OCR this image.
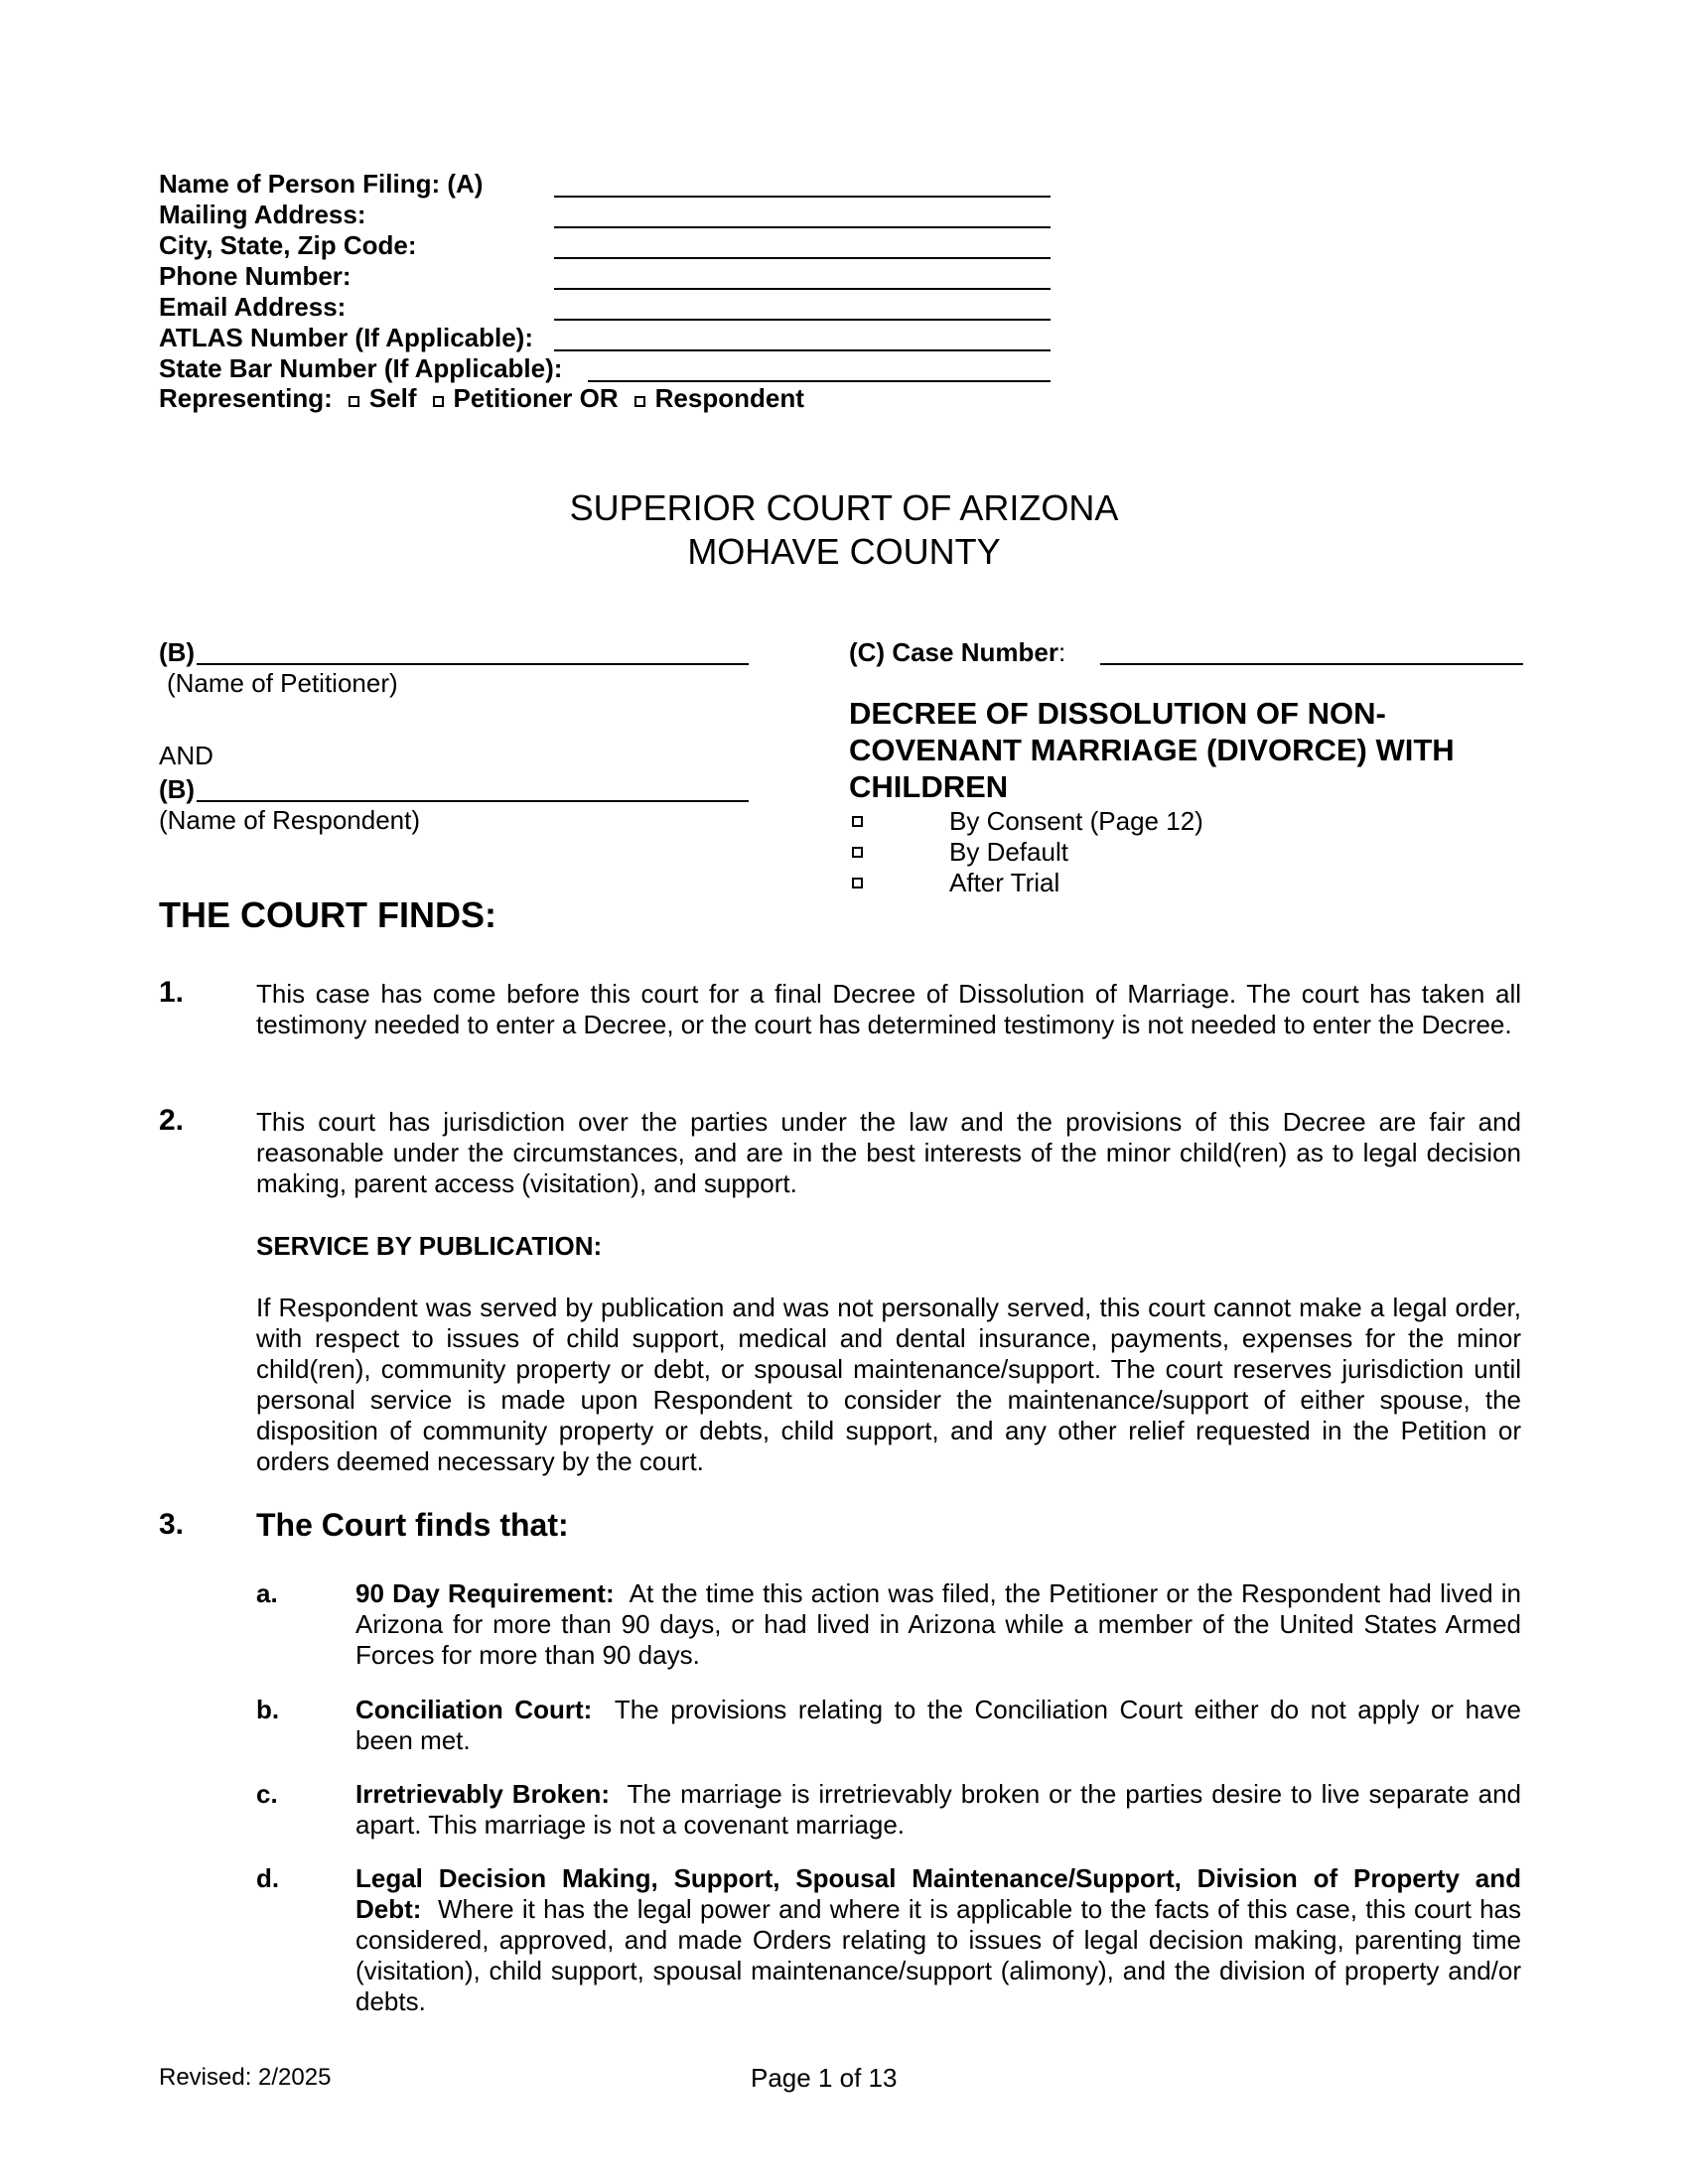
Name of Person Filing: (A)
Mailing Address:
City, State, Zip Code:
Phone Number:
Email Address:
ATLAS Number (If Applicable):
State Bar Number (If Applicable):
Representing: Self Petitioner OR Respondent
SUPERIOR COURT OF ARIZONA
MOHAVE COUNTY
(B)
(Name of Petitioner)
AND
(B)
(Name of Respondent)
(C) Case Number:
DECREE OF DISSOLUTION OF NON-COVENANT MARRIAGE (DIVORCE) WITH CHILDREN
By Consent (Page 12)
By Default
After Trial
THE COURT FINDS:
1.	This case has come before this court for a final Decree of Dissolution of Marriage. The court has taken all testimony needed to enter a Decree, or the court has determined testimony is not needed to enter the Decree.
2.	This court has jurisdiction over the parties under the law and the provisions of this Decree are fair and reasonable under the circumstances, and are in the best interests of the minor child(ren) as to legal decision making, parent access (visitation), and support.
SERVICE BY PUBLICATION:
If Respondent was served by publication and was not personally served, this court cannot make a legal order, with respect to issues of child support, medical and dental insurance, payments, expenses for the minor child(ren), community property or debt, or spousal maintenance/support. The court reserves jurisdiction until personal service is made upon Respondent to consider the maintenance/support of either spouse, the disposition of community property or debts, child support, and any other relief requested in the Petition or orders deemed necessary by the court.
3. The Court finds that:
a.	90 Day Requirement: At the time this action was filed, the Petitioner or the Respondent had lived in Arizona for more than 90 days, or had lived in Arizona while a member of the United States Armed Forces for more than 90 days.
b.	Conciliation Court: The provisions relating to the Conciliation Court either do not apply or have been met.
c.	Irretrievably Broken: The marriage is irretrievably broken or the parties desire to live separate and apart. This marriage is not a covenant marriage.
d.	Legal Decision Making, Support, Spousal Maintenance/Support, Division of Property and Debt: Where it has the legal power and where it is applicable to the facts of this case, this court has considered, approved, and made Orders relating to issues of legal decision making, parenting time (visitation), child support, spousal maintenance/support (alimony), and the division of property and/or debts.
Revised: 2/2025	Page 1 of 13
